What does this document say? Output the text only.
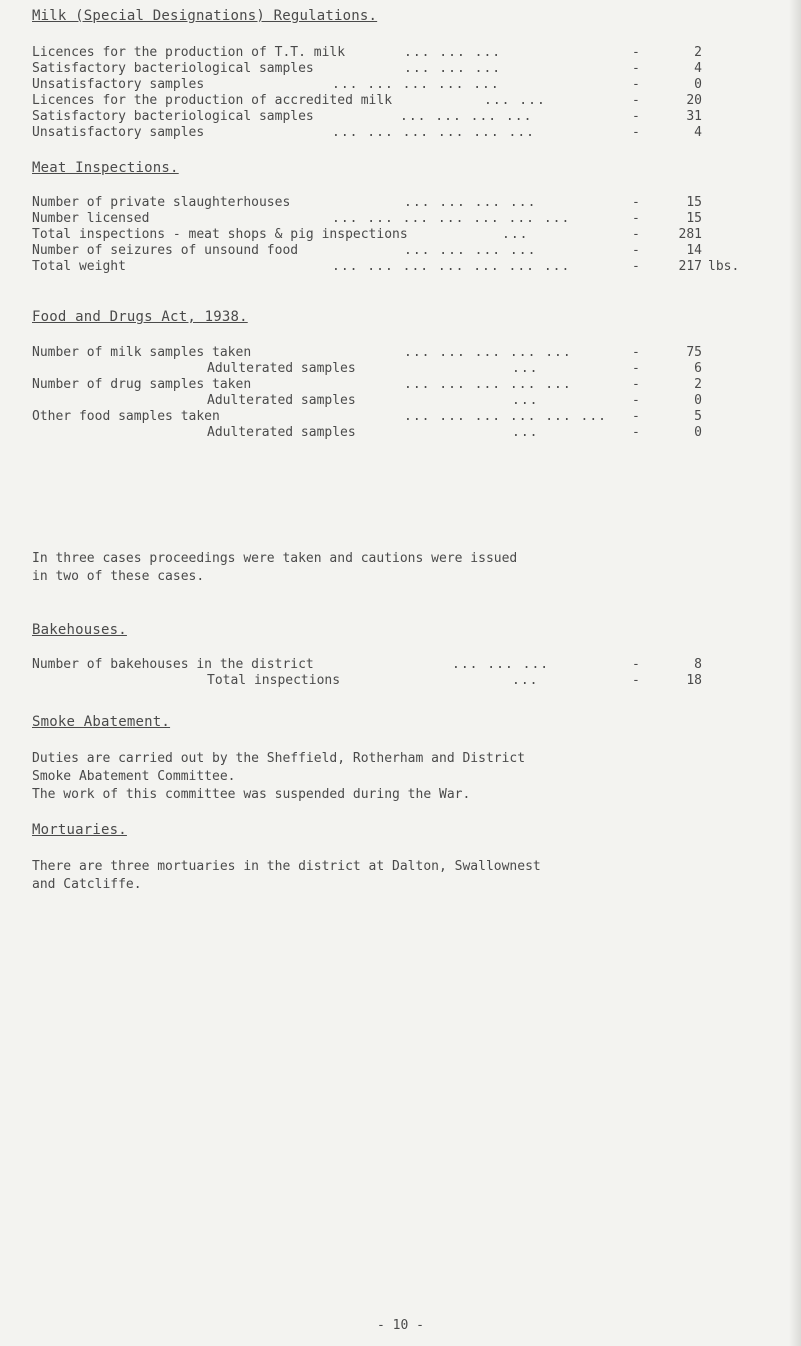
Milk (Special Designations) Regulations.
Licences for the production of T.T. milk	... ... ...	-	2
Satisfactory bacteriological samples	... ... ...	-	4
Unsatisfactory samples	... ... ... ... ...	-	0
Licences for the production of accredited milk	... ...	-	20
Satisfactory bacteriological samples	... ... ... ...	-	31
Unsatisfactory samples	... ... ... ... ... ...	-	4
Meat Inspections.
Number of private slaughterhouses	... ... ... ...	-	15
Number licensed	... ... ... ... ... ... ...	-	15
Total inspections - meat shops & pig inspections	...	-	281
Number of seizures of unsound food	... ... ... ...	-	14
Total weight	... ... ... ... ... ... ...	-	217 lbs.
Food and Drugs Act, 1938.
Number of milk samples taken	... ... ... ... ...	-	75
Adulterated samples	...	-	6
Number of drug samples taken	... ... ... ... ...	-	2
Adulterated samples	...	-	0
Other food samples taken	... ... ... ... ... ... -	5
Adulterated samples	...	-	0
In three cases proceedings were taken and cautions were issued
in two of these cases.
Bakehouses.
Number of bakehouses in the district	... ... ...	-	8
Total inspections	...	-	18
Smoke Abatement.
Duties are carried out by the Sheffield, Rotherham and District
Smoke Abatement Committee.
The work of this committee was suspended during the War.
Mortuaries.
There are three mortuaries in the district at Dalton, Swallownest
and Catcliffe.
- 10 -
